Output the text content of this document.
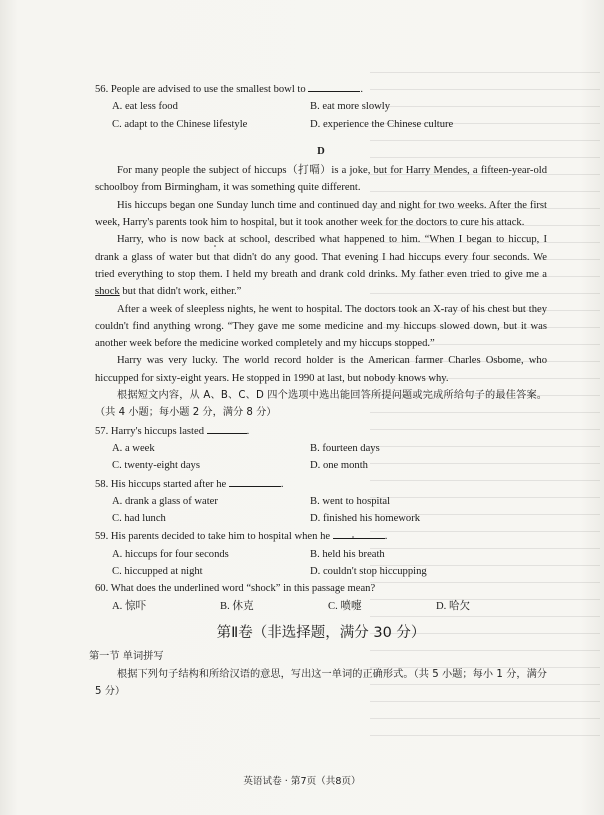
56. People are advised to use the smallest bowl to	.

A. eat less food	B. eat more slowly
C. adapt to the Chinese lifestyle	D. experience the Chinese culture
D

For many people the subject of hiccups（打嗝）is a joke, but for Harry Mendes, a fifteen-year-old schoolboy from Birmingham, it was something quite different.

His hiccups began one Sunday lunch time and continued day and night for two weeks. After the first week, Harry's parents took him to hospital, but it took another week for the doctors to cure his attack.

Harry, who is now back at school, described what happened to him. “When I began to hiccup, I drank a glass of water but that didn't do any good. That evening I had hiccups every four seconds. We tried everything to stop them. I held my breath and drank cold drinks. My father even tried to give me a shock but that didn't work, either.”

After a week of sleepless nights, he went to hospital. The doctors took an X-ray of his chest but they couldn't find anything wrong. “They gave me some medicine and my hiccups slowed down, but it was another week before the medicine worked completely and my hiccups stopped.”

Harry was very lucky. The world record holder is the American farmer Charles Osbome, who hiccupped for sixty-eight years. He stopped in 1990 at last, but nobody knows why.

根据短文内容，从 A、B、C、D 四个选项中选出能回答所提问题或完成所给句子的最佳答案。（共 4 小题；每小题 2 分，满分 8 分）

57. Harry's hiccups lasted	.

A. a week	B. fourteen days
C. twenty-eight days	D. one month

58. His hiccups started after he	.

A. drank a glass of water	B. went to hospital
C. had lunch	D. finished his homework

59. His parents decided to take him to hospital when he	.

A. hiccups for four seconds	B. held his breath
C. hiccupped at night	D. couldn't stop hiccupping

60. What does the underlined word “shock” in this passage mean?

A. 惊吓	B. 休克	C. 喷嚏	D. 哈欠
第Ⅱ卷（非选择题，满分 30 分）

第一节 单词拼写

根据下列句子结构和所给汉语的意思，写出这一单词的正确形式。（共 5 小题；每小 1 分，满分 5 分）

英语试卷 · 第7页（共8页）
